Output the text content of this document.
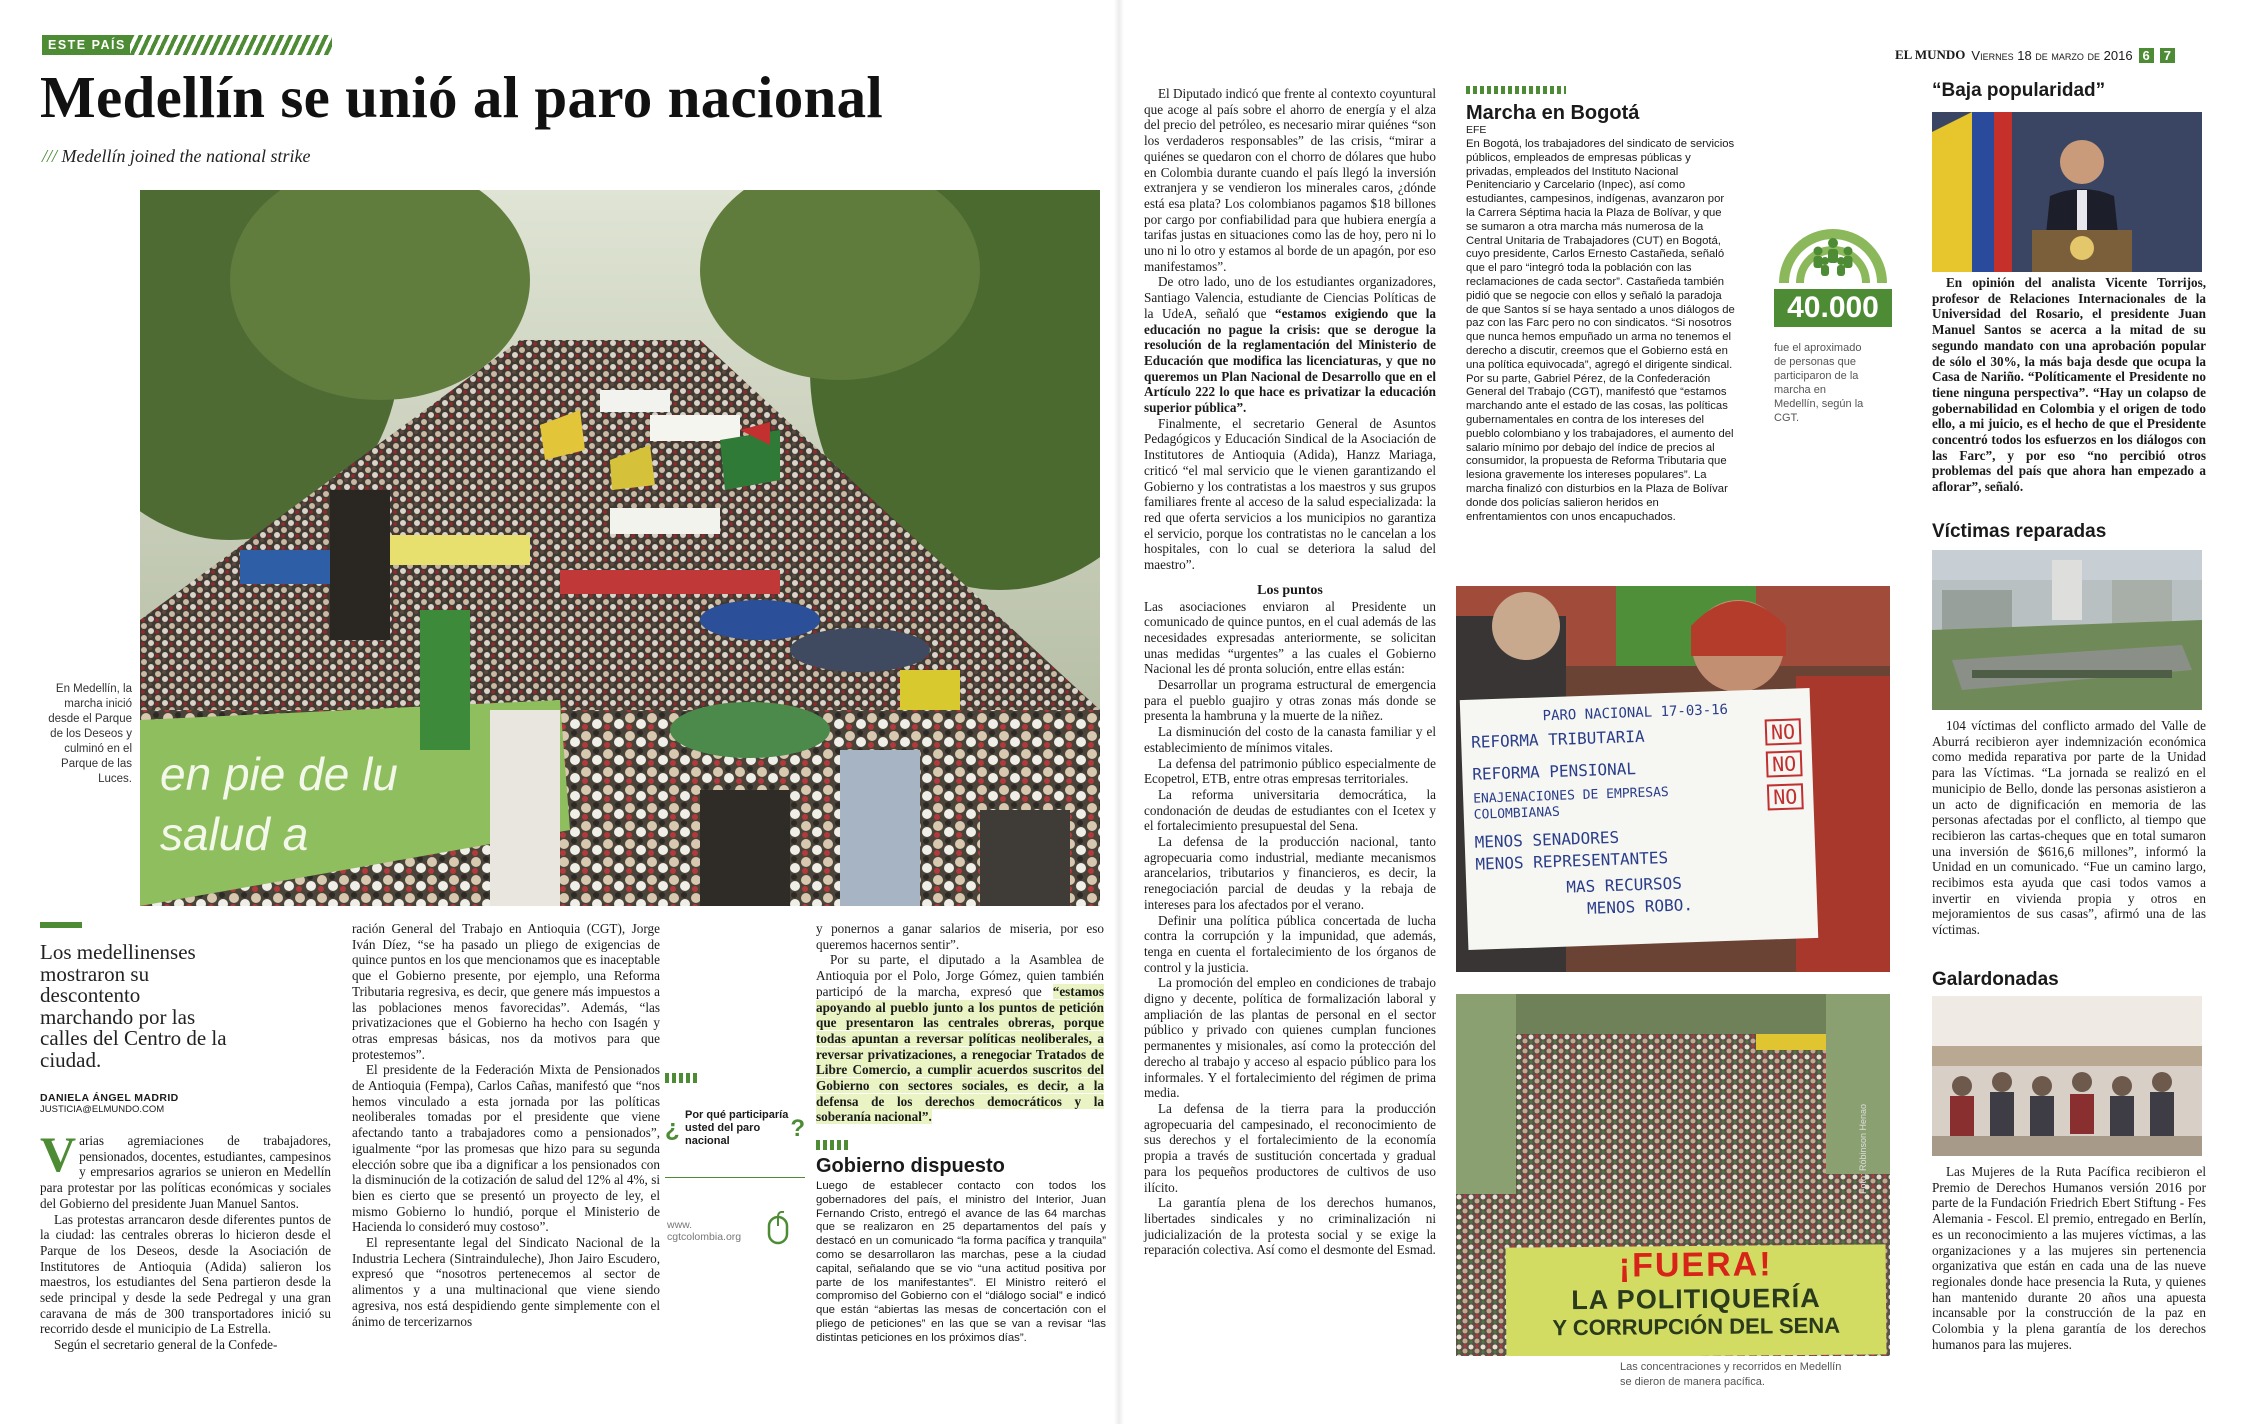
ESTE PAÍS
Medellín se unió al paro nacional
/// Medellín joined the national strike
en pie de lu
salud a
En Medellín, la marcha inició desde el Parque de los Deseos y culminó en el Parque de las Luces.
Los medellinenses mostraron su descontento marchando por las calles del Centro de la ciudad.
DANIELA ÁNGEL MADRID
JUSTICIA@ELMUNDO.COM

Varias agremiaciones de trabajadores, pensionados, docentes, estudiantes, campesinos y empresarios agrarios se unieron en Medellín para protestar por las políticas económicas y sociales del Gobierno del presidente Juan Manuel Santos.

Las protestas arrancaron desde diferentes puntos de la ciudad: las centrales obreras lo hicieron desde el Parque de los Deseos, desde la Asociación de Institutores de Antioquia (Adida) salieron los maestros, los estudiantes del Sena partieron desde la sede principal y desde la sede Pedregal y una gran caravana de más de 300 transportadores inició su recorrido desde el municipio de La Estrella.

Según el secretario general de la Confede-

ración General del Trabajo en Antioquia (CGT), Jorge Iván Díez, “se ha pasado un pliego de exigencias de quince puntos en los que mencionamos que es inaceptable que el Gobierno presente, por ejemplo, una Reforma Tributaria regresiva, es decir, que genere más impuestos a las poblaciones menos favorecidas”. Además, “las privatizaciones que el Gobierno ha hecho con Isagén y otras empresas básicas, nos da motivos para que protestemos”.

El presidente de la Federación Mixta de Pensionados de Antioquia (Fempa), Carlos Cañas, manifestó que “nos hemos vinculado a esta jornada por las políticas neoliberales tomadas por el presidente que viene afectando tanto a trabajadores como a pensionados”, igualmente “por las promesas que hizo para su segunda elección sobre que iba a dignificar a los pensionados con la disminución de la cotización de salud del 12% al 4%, si bien es cierto que se presentó un proyecto de ley, el mismo Gobierno lo hundió, porque el Ministerio de Hacienda lo consideró muy costoso”.

El representante legal del Sindicato Nacional de la Industria Lechera (Sintraindulechе), Jhon Jairo Escudero, expresó que “nosotros pertenecemos al sector de alimentos y a una multinacional que viene siendo agresiva, nos está despidiendo gente simplemente con el ánimo de tercerizarnos

y ponernos a ganar salarios de miseria, por eso queremos hacernos sentir”.

Por su parte, el diputado a la Asamblea de Antioquia por el Polo, Jorge Gómez, quien también participó de la marcha, expresó que “estamos apoyando al pueblo junto a los puntos de petición que presentaron las centrales obreras, porque todas apuntan a reversar políticas neoliberales, a reversar privatizaciones, a renegociar Tratados de Libre Comercio, a cumplir acuerdos suscritos del Gobierno con sectores sociales, es decir, a la defensa de los derechos democráticos y la soberanía nacional”.

¿ Por qué participaría usted del paro nacional	?
www.
cgtcolombia.org
Gobierno dispuesto
Luego de establecer contacto con todos los gobernadores del país, el ministro del Interior, Juan Fernando Cristo, entregó el avance de las 64 marchas que se realizaron en 25 departamentos del país y destacó en un comunicado “la forma pacífica y tranquila” como se desarrollaron las marchas, pese a la ciudad capital, señalando que se vio “una actitud positiva por parte de los manifestantes”. El Ministro reiteró el compromiso del Gobierno con el “diálogo social” e indicó que están “abiertas las mesas de concertación con el pliego de peticiones” en las que se van a revisar “las distintas peticiones en los próximos días”.
EL MUNDO Viernes 18 de marzo de 2016 6	7

El Diputado indicó que frente al contexto coyuntural que acoge al país sobre el ahorro de energía y el alza del precio del petróleo, es necesario mirar quiénes “son los verdaderos responsables” de las crisis, “mirar a quiénes se quedaron con el chorro de dólares que hubo en Colombia durante cuando el país llegó la inversión extranjera y se vendieron los minerales caros, ¿dónde está esa plata? Los colombianos pagamos $18 billones por cargo por confiabilidad para que hubiera energía a tarifas justas en situaciones como las de hoy, pero ni lo uno ni lo otro y estamos al borde de un apagón, por eso manifestamos”.

De otro lado, uno de los estudiantes organizadores, Santiago Valencia, estudiante de Ciencias Políticas de la UdeA, señaló que “estamos exigiendo que la educación no pague la crisis: que se derogue la resolución de la reglamentación del Ministerio de Educación que modifica las licenciaturas, y que no queremos un Plan Nacional de Desarrollo que en el Artículo 222 lo que hace es privatizar la educación superior pública”.

Finalmente, el secretario General de Asuntos Pedagógicos y Educación Sindical de la Asociación de Institutores de Antioquia (Adida), Hanzz Mariaga, criticó “el mal servicio que le vienen garantizando el Gobierno y los contratistas a los maestros y sus grupos familiares frente al acceso de la salud especializada: la red que oferta servicios a los municipios no garantiza el servicio, porque los contratistas no le cancelan a los hospitales, con lo cual se deteriora la salud del maestro”.

Los puntos

Las asociaciones enviaron al Presidente un comunicado de quince puntos, en el cual además de las necesidades expresadas anteriormente, se solicitan unas medidas “urgentes” a las cuales el Gobierno Nacional les dé pronta solución, entre ellas están:

Desarrollar un programa estructural de emergencia para el pueblo guajiro y otras zonas más donde se presenta la hambruna y la muerte de la niñez.

La disminución del costo de la canasta familiar y el establecimiento de mínimos vitales.

La defensa del patrimonio público especialmente de Ecopetrol, ETB, entre otras empresas territoriales.

La reforma universitaria democrática, la condonación de deudas de estudiantes con el Icetex y el fortalecimiento presupuestal del Sena.

La defensa de la producción nacional, tanto agropecuaria como industrial, mediante mecanismos arancelarios, tributarios y financieros, es decir, la renegociación parcial de deudas y la rebaja de intereses para los afectados por el verano.

Definir una política pública concertada de lucha contra la corrupción y la impunidad, que además, tenga en cuenta el fortalecimiento de los órganos de control y la justicia.

La promoción del empleo en condiciones de trabajo digno y decente, política de formalización laboral y ampliación de las plantas de personal en el sector público y privado con quienes cumplan funciones permanentes y misionales, así como la protección del derecho al trabajo y acceso al espacio público para los informales. Y el fortalecimiento del régimen de prima media.

La defensa de la tierra para la producción agropecuaria del campesinado, el reconocimiento de sus derechos y el fortalecimiento de la economía propia a través de sustitución concertada y gradual para los pequeños productores de cultivos de uso ilícito.

La garantía plena de los derechos humanos, libertades sindicales y no criminalización ni judicialización de la protesta social y se exige la reparación colectiva. Así como el desmonte del Esmad.

Marcha en Bogotá
EFE
En Bogotá, los trabajadores del sindicato de servicios públicos, empleados de empresas públicas y privadas, empleados del Instituto Nacional Penitenciario y Carcelario (Inpec), así como estudiantes, campesinos, indígenas, avanzaron por la Carrera Séptima hacia la Plaza de Bolívar, y que se sumaron a otra marcha más numerosa de la Central Unitaria de Trabajadores (CUT) en Bogotá, cuyo presidente, Carlos Ernesto Castañeda, señaló que el paro “integró toda la población con las reclamaciones de cada sector”. Castañeda también pidió que se negocie con ellos y señaló la paradoja de que Santos sí se haya sentado a unos diálogos de paz con las Farc pero no con sindicatos. “Si nosotros que nunca hemos empuñado un arma no tenemos el derecho a discutir, creemos que el Gobierno está en una política equivocada”, agregó el dirigente sindical. Por su parte, Gabriel Pérez, de la Confederación General del Trabajo (CGT), manifestó que “estamos marchando ante el estado de las cosas, las políticas gubernamentales en contra de los intereses del pueblo colombiano y los trabajadores, el aumento del salario mínimo por debajo del índice de precios al consumidor, la propuesta de Reforma Tributaria que lesiona gravemente los intereses populares”. La marcha finalizó con disturbios en la Plaza de Bolívar donde dos policías salieron heridos en enfrentamientos con unos encapuchados.
40.000
fue el aproximado de personas que participaron de la marcha en Medellín, según la CGT.
PARO NACIONAL 17-03-16
REFORMA TRIBUTARIA	NO
REFORMA PENSIONAL	NO
ENAJENACIONES DE EMPRESAS COLOMBIANAS
NO
MENOS SENADORES
MENOS REPRESENTANTES
MAS RECURSOS
MENOS ROBO.
¡FUERA!
LA POLITIQUERÍA
Y CORRUPCIÓN DEL SENA
Foto: Róbinson Henao
Las concentraciones y recorridos en Medellín se dieron de manera pacífica.
“Baja popularidad”
En opinión del analista Vicente Torrijos, profesor de Relaciones Internacionales de la Universidad del Rosario, el presidente Juan Manuel Santos se acerca a la mitad de su segundo mandato con una aprobación popular de sólo el 30%, la más baja desde que ocupa la Casa de Nariño. “Políticamente el Presidente no tiene ninguna perspectiva”. “Hay un colapso de gobernabilidad en Colombia y el origen de todo ello, a mi juicio, es el hecho de que el Presidente concentró todos los esfuerzos en los diálogos con las Farc”, y por eso “no percibió otros problemas del país que ahora han empezado a aflorar”, señaló.
Víctimas reparadas
104 víctimas del conflicto armado del Valle de Aburrá recibieron ayer indemnización económica como medida reparativa por parte de la Unidad para las Víctimas. “La jornada se realizó en el municipio de Bello, donde las personas asistieron a un acto de dignificación en memoria de las personas afectadas por el conflicto, al tiempo que recibieron las cartas-cheques que en total sumaron una inversión de $616,6 millones”, informó la Unidad en un comunicado. “Fue un camino largo, recibimos esta ayuda que casi todos vamos a invertir en vivienda propia y otros en mejoramientos de sus casas”, afirmó una de las víctimas.
Galardonadas
Las Mujeres de la Ruta Pacífica recibieron el Premio de Derechos Humanos versión 2016 por parte de la Fundación Friedrich Ebert Stiftung - Fes Alemania - Fescol. El premio, entregado en Berlín, es un reconocimiento a las mujeres víctimas, a las organizaciones y a las mujeres sin pertenencia organizativa que están en cada una de las nueve regionales donde hace presencia la Ruta, y quienes han mantenido durante 20 años una apuesta incansable por la construcción de la paz en Colombia y la plena garantía de los derechos humanos para las mujeres.
